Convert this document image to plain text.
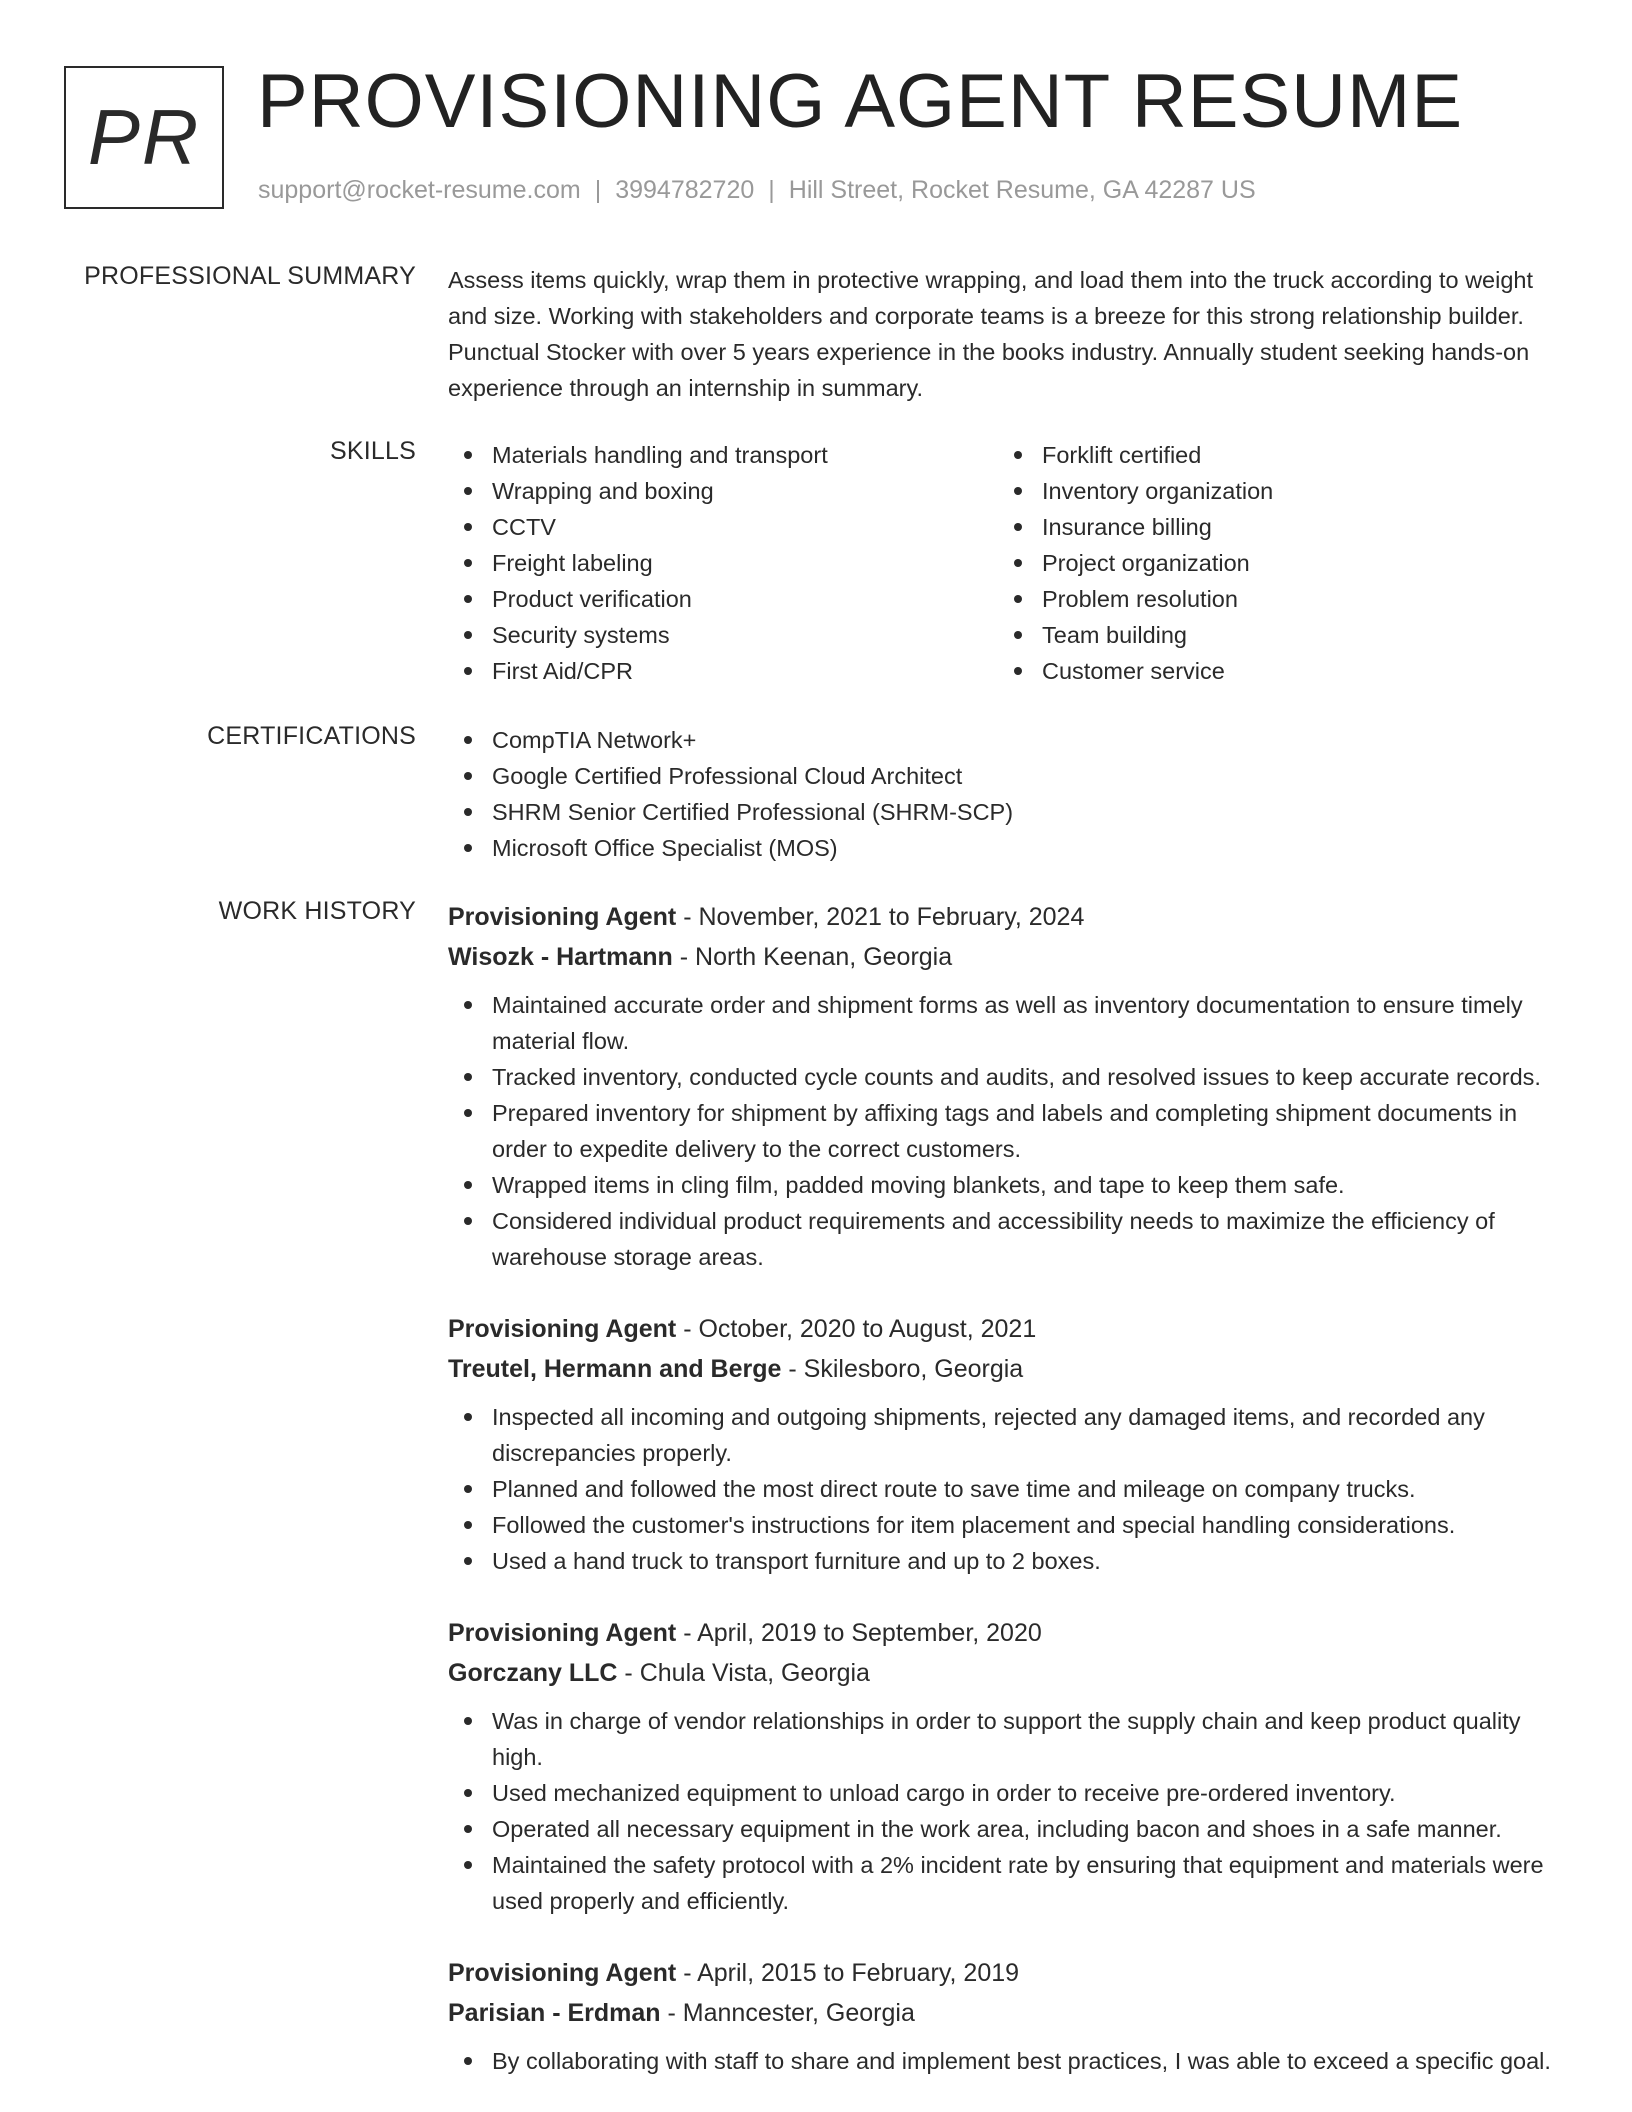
PR PROVISIONING AGENT RESUME
support@rocket-resume.com | 3994782720 | Hill Street, Rocket Resume, GA 42287 US
PROFESSIONAL SUMMARY Assess items quickly, wrap them in protective wrapping, and load them into the truck according to weight and size. Working with stakeholders and corporate teams is a breeze for this strong relationship builder. Punctual Stocker with over 5 years experience in the books industry. Annually student seeking hands-on experience through an internship in summary.
SKILLS	Materials handling and transport
Wrapping and boxing
CCTV
Freight labeling
Product verification
Security systems
First Aid/CPR
Forklift certified
Inventory organization
Insurance billing
Project organization
Problem resolution
Team building
Customer service
CERTIFICATIONS	CompTIA Network+
Google Certified Professional Cloud Architect
SHRM Senior Certified Professional (SHRM-SCP)
Microsoft Office Specialist (MOS)
WORK HISTORY Provisioning Agent - November, 2021 to February, 2024
Wisozk - Hartmann - North Keenan, Georgia
Maintained accurate order and shipment forms as well as inventory documentation to ensure timely material flow.
Tracked inventory, conducted cycle counts and audits, and resolved issues to keep accurate records.
Prepared inventory for shipment by affixing tags and labels and completing shipment documents in order to expedite delivery to the correct customers.
Wrapped items in cling film, padded moving blankets, and tape to keep them safe.
Considered individual product requirements and accessibility needs to maximize the efficiency of warehouse storage areas.
Provisioning Agent - October, 2020 to August, 2021
Treutel, Hermann and Berge - Skilesboro, Georgia
Inspected all incoming and outgoing shipments, rejected any damaged items, and recorded any discrepancies properly.
Planned and followed the most direct route to save time and mileage on company trucks.
Followed the customer's instructions for item placement and special handling considerations.
Used a hand truck to transport furniture and up to 2 boxes.
Provisioning Agent - April, 2019 to September, 2020
Gorczany LLC - Chula Vista, Georgia
Was in charge of vendor relationships in order to support the supply chain and keep product quality high.
Used mechanized equipment to unload cargo in order to receive pre-ordered inventory.
Operated all necessary equipment in the work area, including bacon and shoes in a safe manner.
Maintained the safety protocol with a 2% incident rate by ensuring that equipment and materials were used properly and efficiently.
Provisioning Agent - April, 2015 to February, 2019
Parisian - Erdman - Manncester, Georgia
By collaborating with staff to share and implement best practices, I was able to exceed a specific goal.
